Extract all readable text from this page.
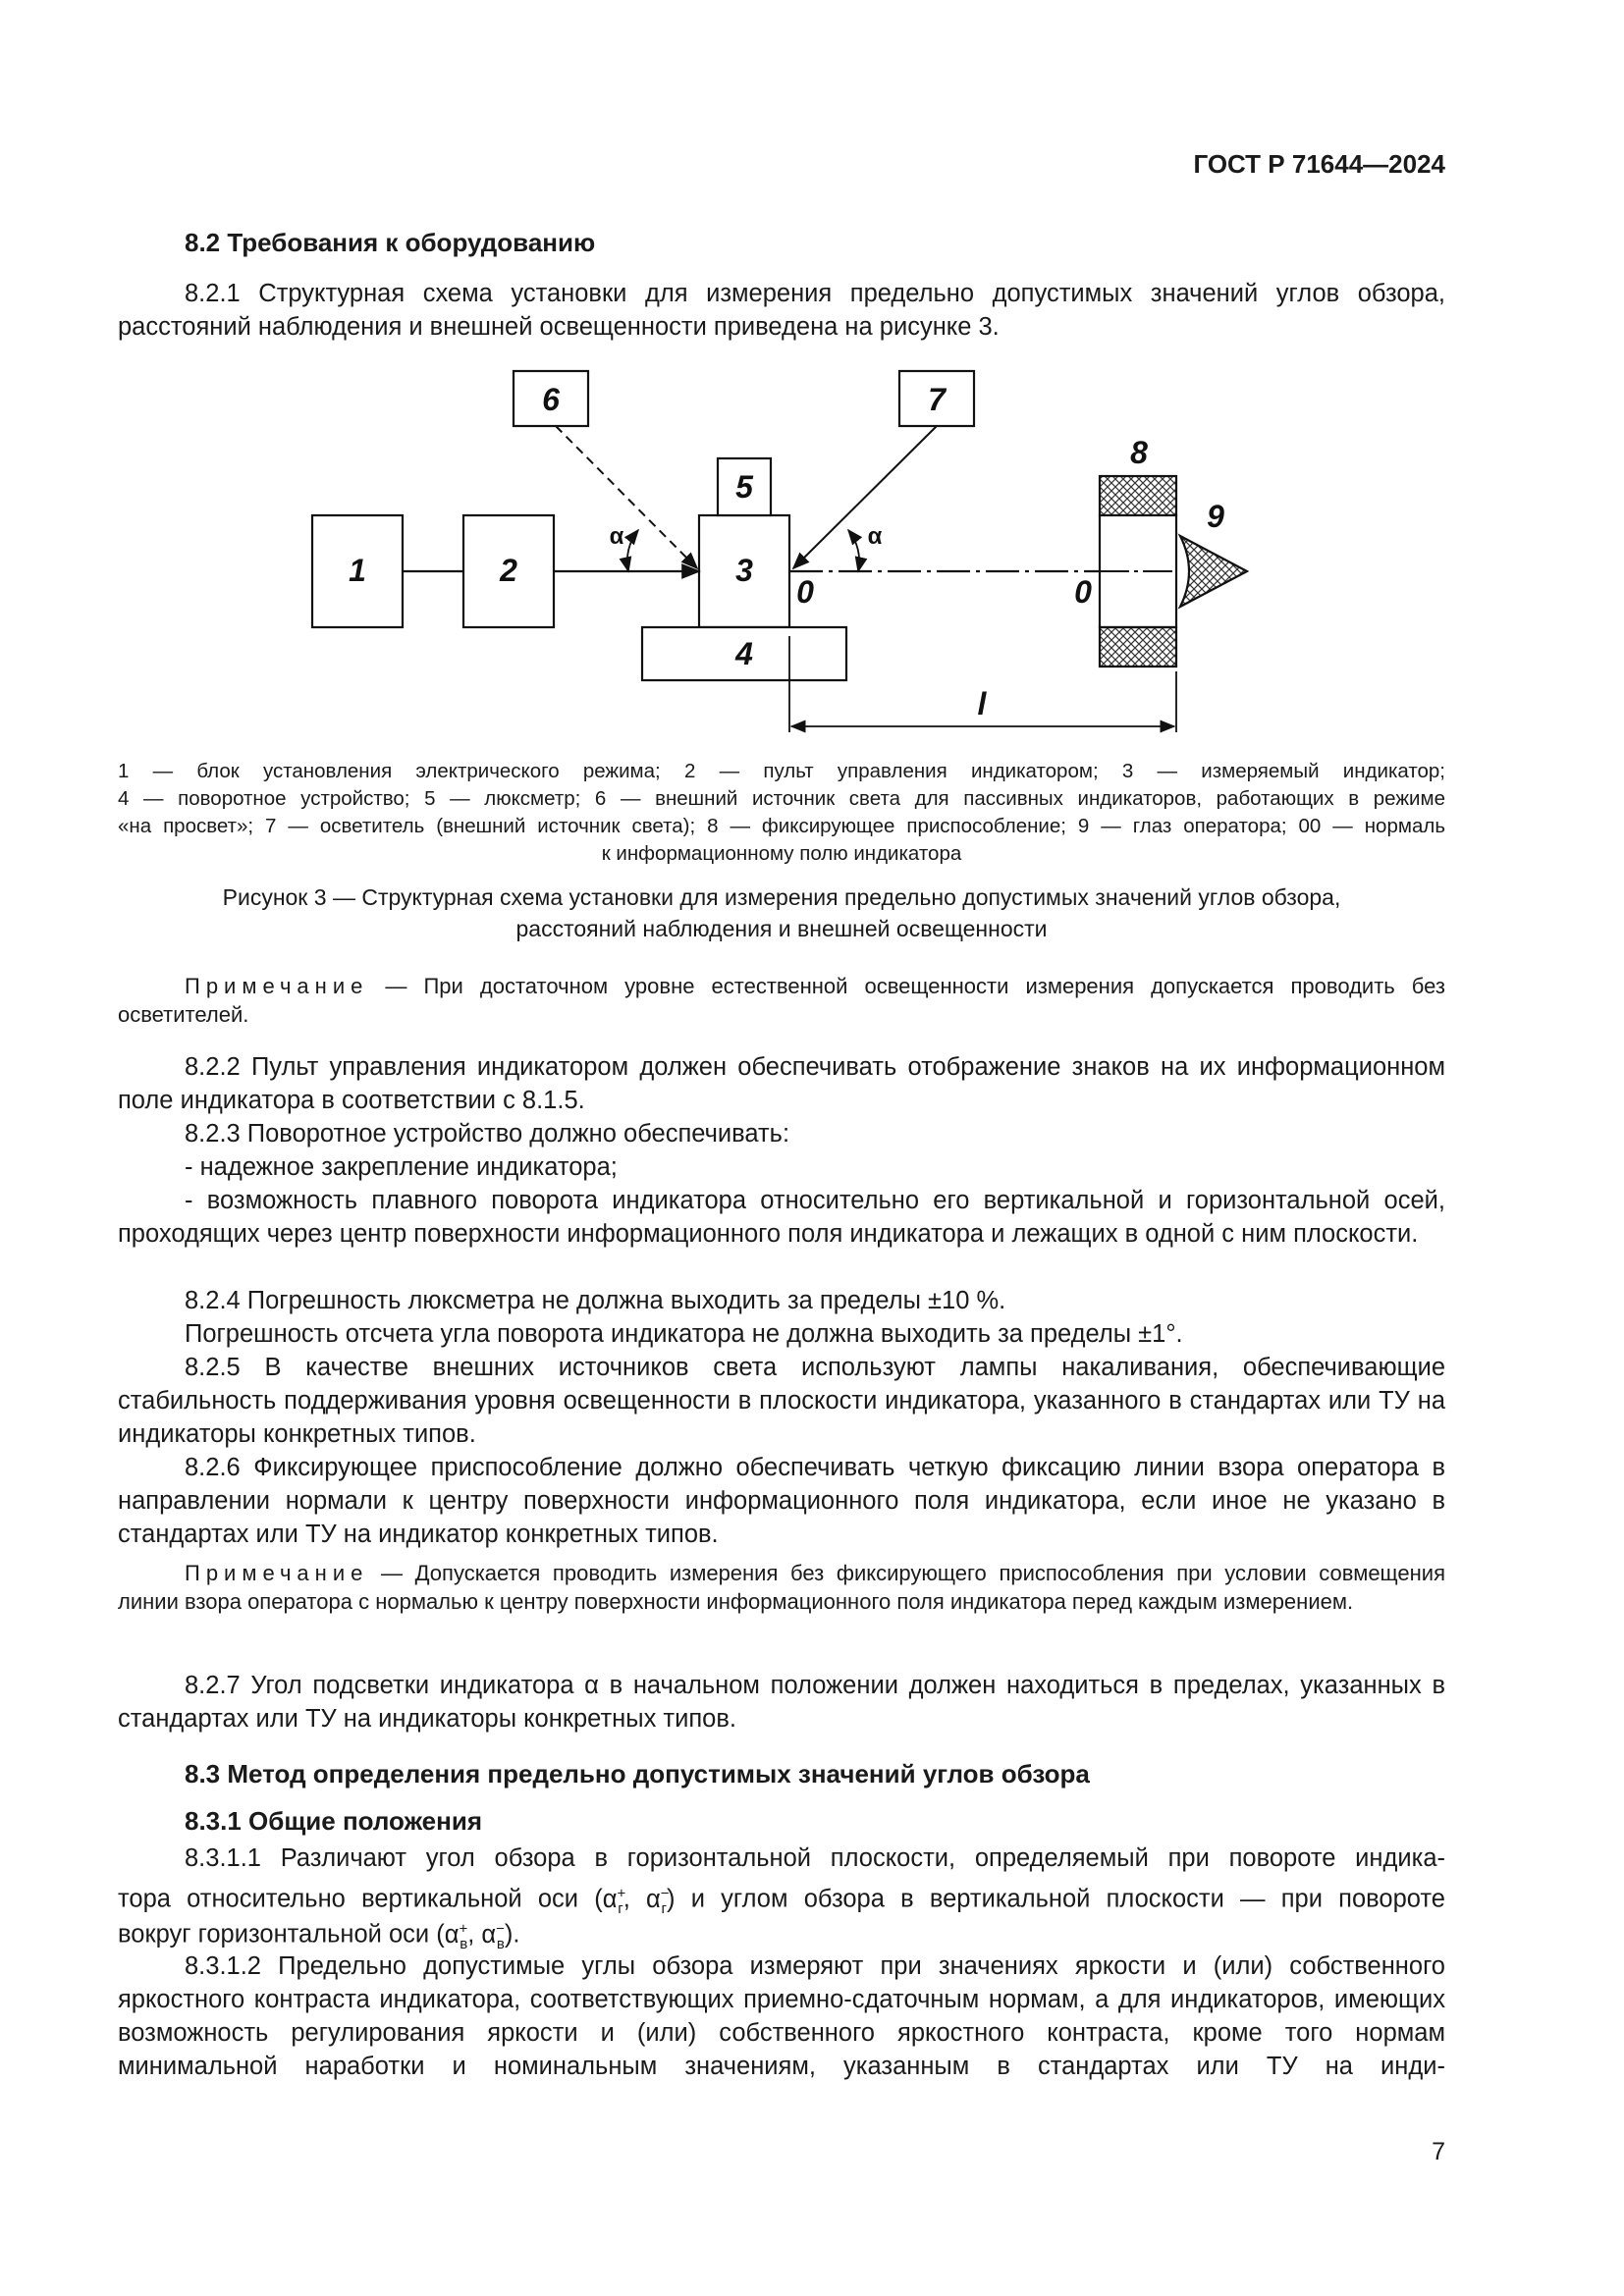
ГОСТ Р 71644—2024
8.2 Требования к оборудованию
8.2.1 Структурная схема установки для измерения предельно допустимых значений углов обзора, расстояний наблюдения и внешней освещенности приведена на рисунке 3.
1	2	3
4
5
6	7
8
9
0	0
l
α	α
1 — блок установления электрического режима; 2 — пульт управления индикатором; 3 — измеряемый индикатор;
4 — поворотное устройство; 5 — люксметр; 6 — внешний источник света для пассивных индикаторов, работающих в режиме
«на просвет»; 7 — осветитель (внешний источник света); 8 — фиксирующее приспособление; 9 — глаз оператора; 00 — нормаль
к информационному полю индикатора
Рисунок 3 — Структурная схема установки для измерения предельно допустимых значений углов обзора,
расстояний наблюдения и внешней освещенности
Примечание — При достаточном уровне естественной освещенности измерения допускается проводить без осветителей.
8.2.2 Пульт управления индикатором должен обеспечивать отображение знаков на их информационном поле индикатора в соответствии с 8.1.5.
8.2.3 Поворотное устройство должно обеспечивать:
- надежное закрепление индикатора;
- возможность плавного поворота индикатора относительно его вертикальной и горизонтальной осей, проходящих через центр поверхности информационного поля индикатора и лежащих в одной с ним плоскости.
8.2.4 Погрешность люксметра не должна выходить за пределы ±10 %.
Погрешность отсчета угла поворота индикатора не должна выходить за пределы ±1°.
8.2.5 В качестве внешних источников света используют лампы накаливания, обеспечивающие стабильность поддерживания уровня освещенности в плоскости индикатора, указанного в стандартах или ТУ на индикаторы конкретных типов.
8.2.6 Фиксирующее приспособление должно обеспечивать четкую фиксацию линии взора оператора в направлении нормали к центру поверхности информационного поля индикатора, если иное не указано в стандартах или ТУ на индикатор конкретных типов.
Примечание — Допускается проводить измерения без фиксирующего приспособления при условии совмещения линии взора оператора с нормалью к центру поверхности информационного поля индикатора перед каждым измерением.
8.2.7 Угол подсветки индикатора α в начальном положении должен находиться в пределах, указанных в стандартах или ТУ на индикаторы конкретных типов.
8.3 Метод определения предельно допустимых значений углов обзора
8.3.1 Общие положения
8.3.1.1 Различают угол обзора в горизонтальной плоскости, определяемый при повороте индика-
тора относительно вертикальной оси ($\alpha^+_г$, $\alpha^-_г$) и углом обзора в вертикальной плоскости — при повороте
вокруг горизонтальной оси ($\alpha^+_в$, $\alpha^-_в$).
8.3.1.2 Предельно допустимые углы обзора измеряют при значениях яркости и (или) собственного яркостного контраста индикатора, соответствующих приемно-сдаточным нормам, а для индикаторов, имеющих возможность регулирования яркости и (или) собственного яркостного контраста, кроме того нормам минимальной наработки и номинальным значениям, указанным в стандартах или ТУ на инди-
7
